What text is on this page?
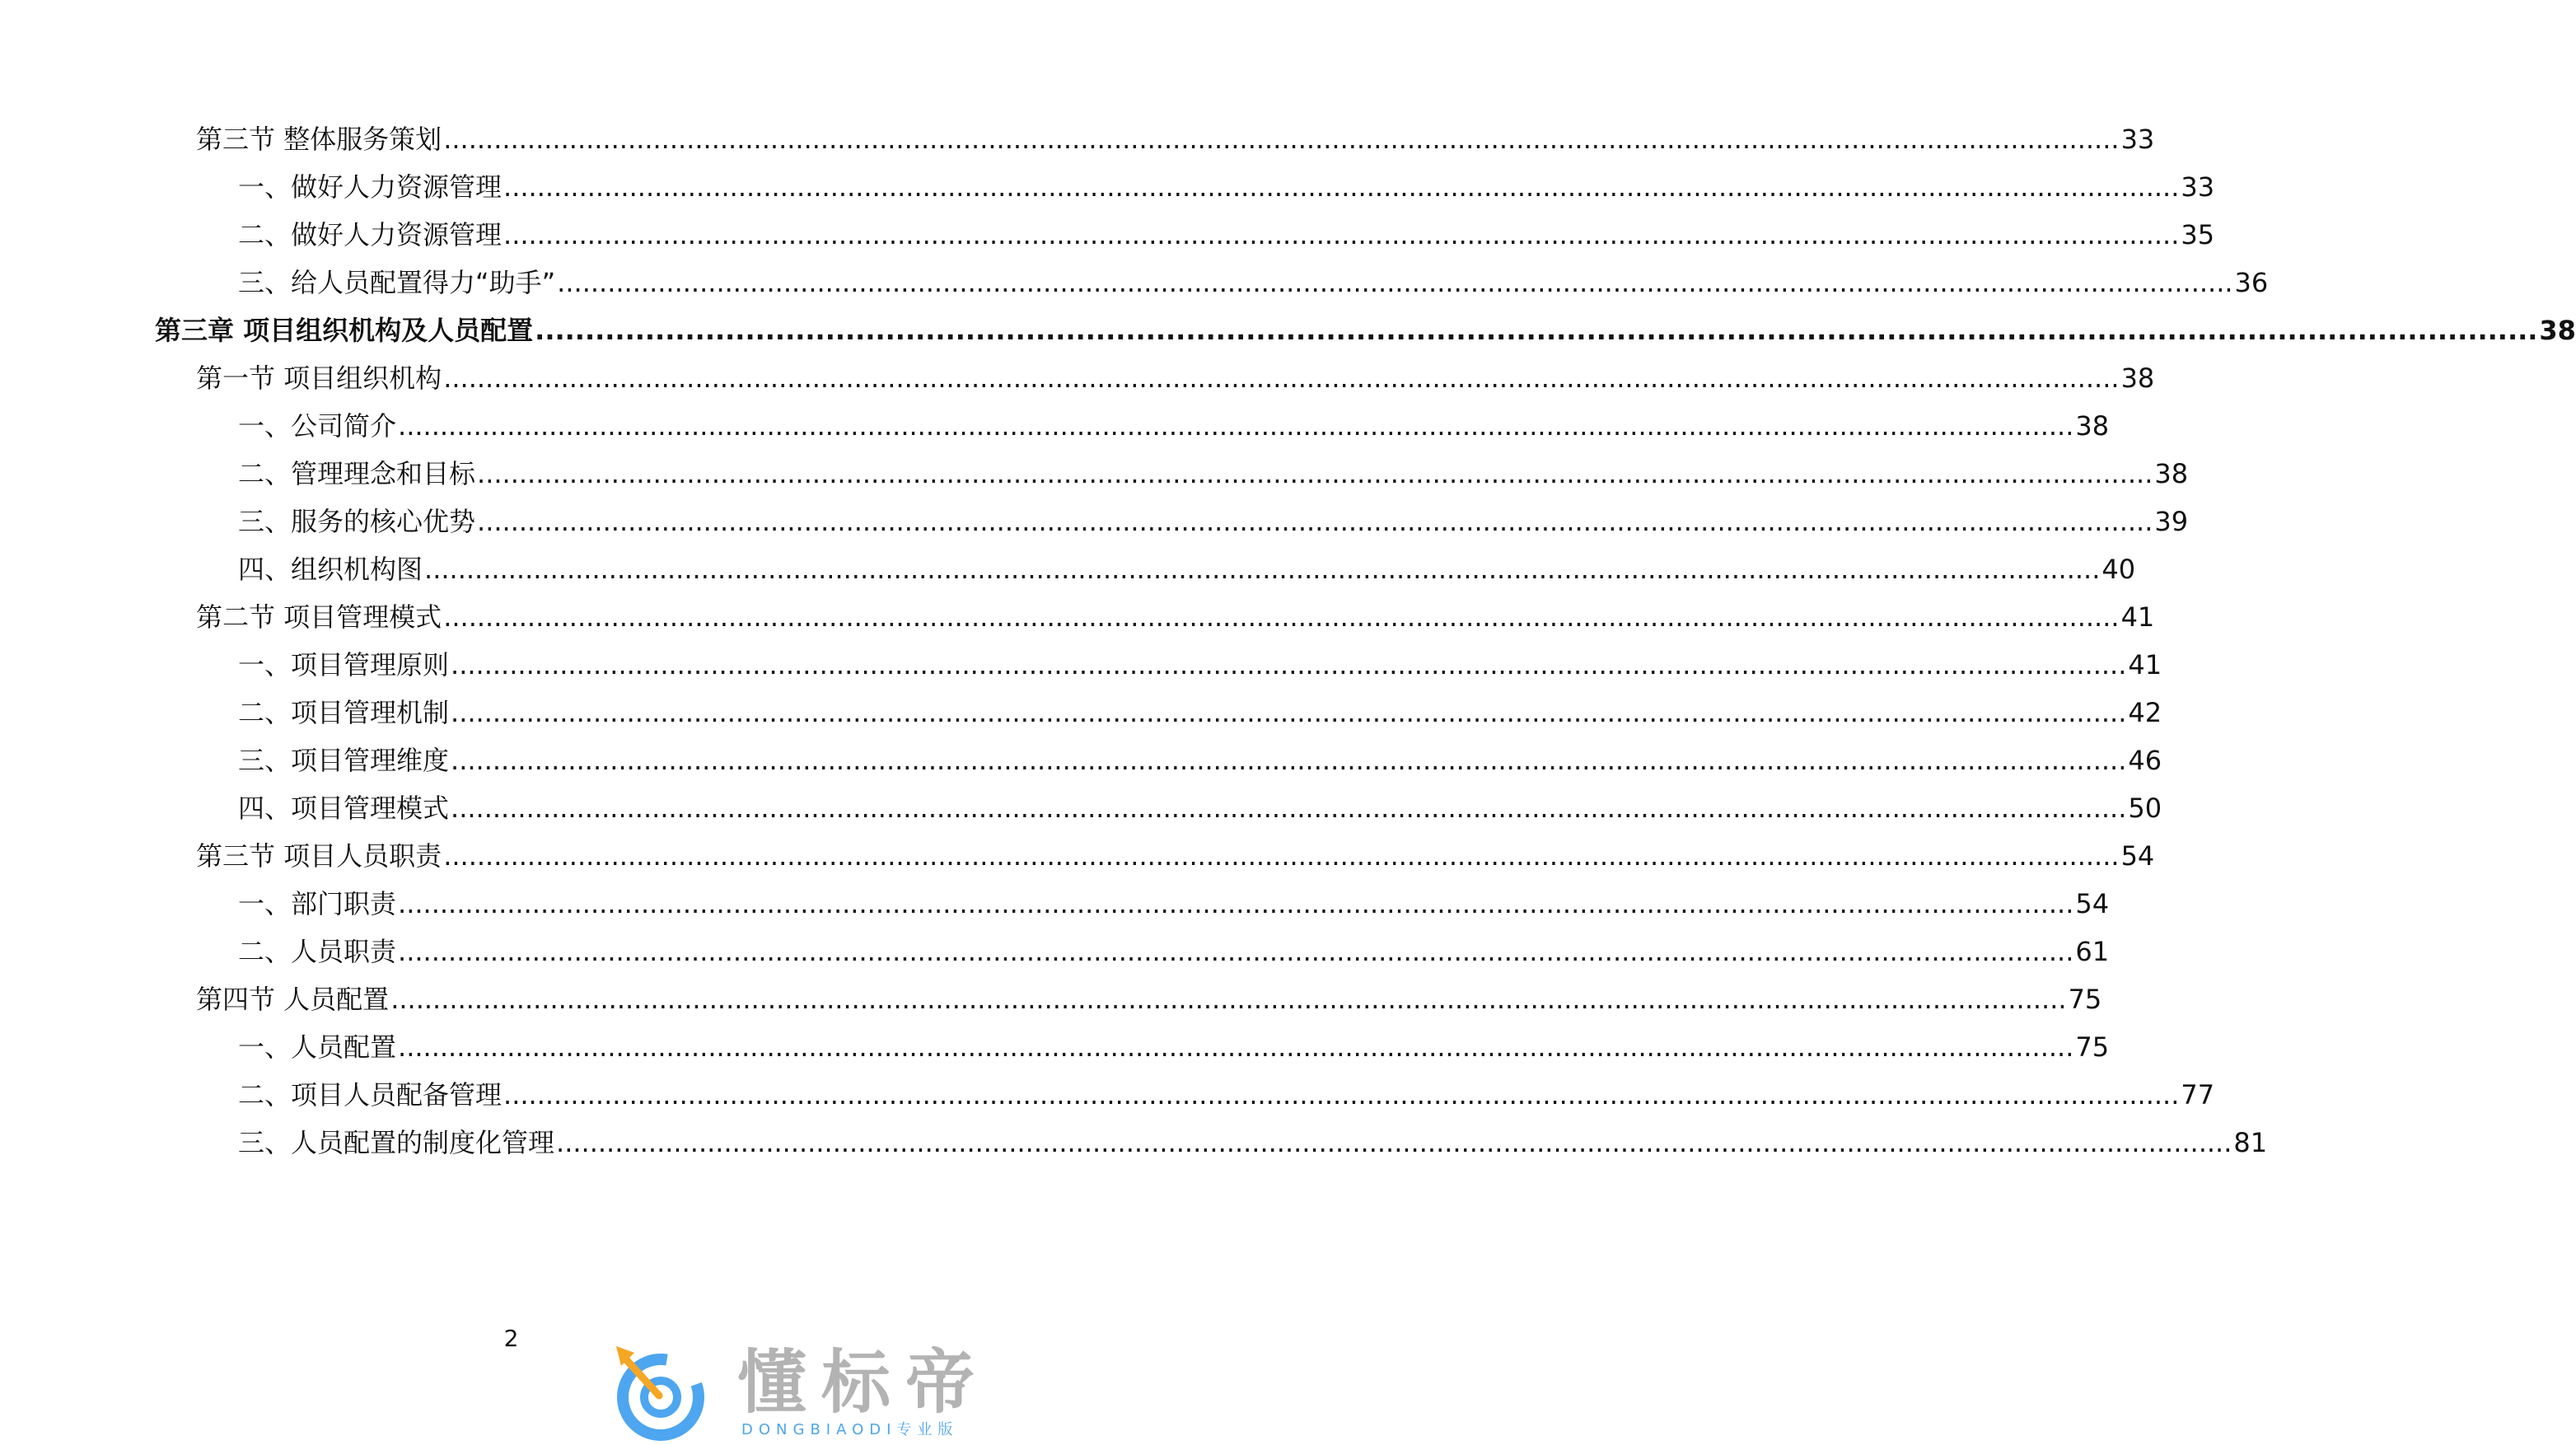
第三节 整体服务策划 ........................................................................................................................................................................................................ 33
一、做好人力资源管理 ........................................................................................................................................................................................................ 33
二、做好人力资源管理 ........................................................................................................................................................................................................ 35
三、给人员配置得力“助手” ........................................................................................................................................................................................................ 36
第三章 项目组织机构及人员配置 ........................................................................................................................................................................................................ 38
第一节 项目组织机构 ........................................................................................................................................................................................................ 38
一、公司简介 ........................................................................................................................................................................................................ 38
二、管理理念和目标 ........................................................................................................................................................................................................ 38
三、服务的核心优势 ........................................................................................................................................................................................................ 39
四、组织机构图 ........................................................................................................................................................................................................ 40
第二节 项目管理模式 ........................................................................................................................................................................................................ 41
一、项目管理原则 ........................................................................................................................................................................................................ 41
二、项目管理机制 ........................................................................................................................................................................................................ 42
三、项目管理维度 ........................................................................................................................................................................................................ 46
四、项目管理模式 ........................................................................................................................................................................................................ 50
第三节 项目人员职责 ........................................................................................................................................................................................................ 54
一、部门职责 ........................................................................................................................................................................................................ 54
二、人员职责 ........................................................................................................................................................................................................ 61
第四节 人员配置 ........................................................................................................................................................................................................ 75
一、人员配置 ........................................................................................................................................................................................................ 75
二、项目人员配备管理 ........................................................................................................................................................................................................ 77
三、人员配置的制度化管理 ........................................................................................................................................................................................................ 81
2
懂标帝
DONGBIAODI专业版
